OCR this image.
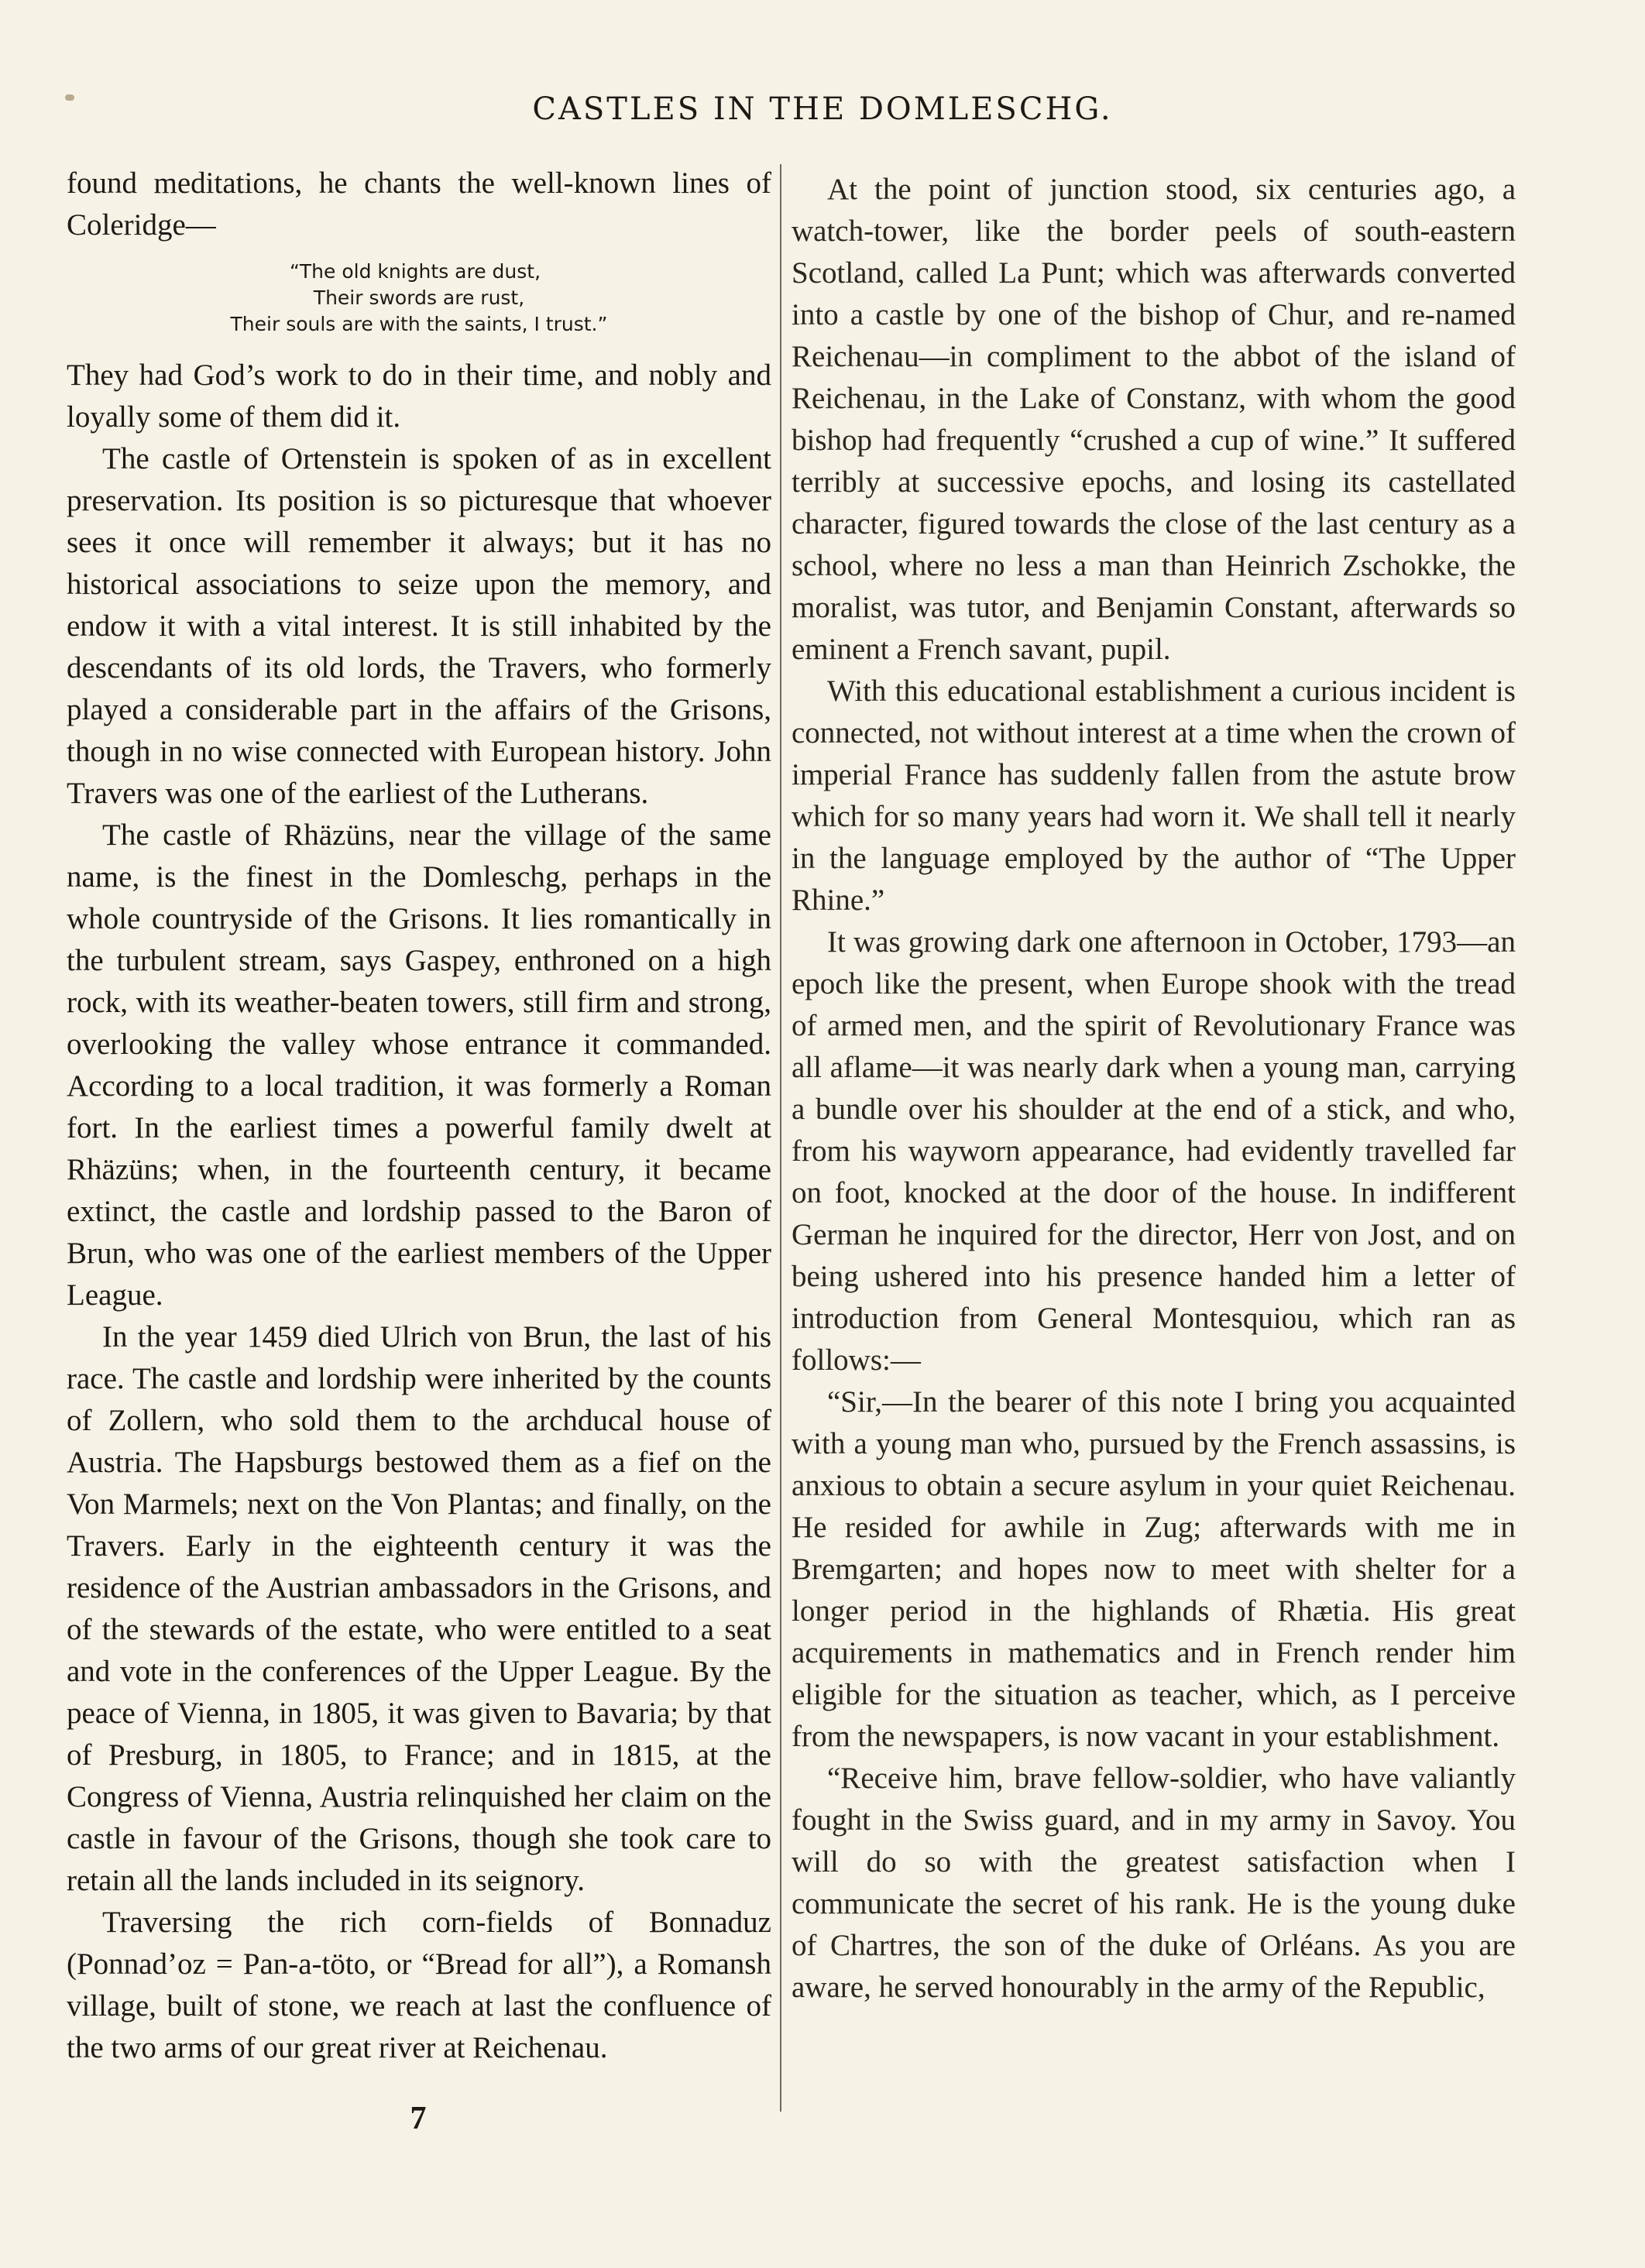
CASTLES IN THE DOMLESCHG.

found meditations, he chants the well-known lines of Coleridge—

“The old knights are dust,
Their swords are rust,
Their souls are with the saints, I trust.”

They had God’s work to do in their time, and nobly and loyally some of them did it.

The castle of Ortenstein is spoken of as in excellent preservation. Its position is so picturesque that whoever sees it once will remember it always; but it has no historical associations to seize upon the memory, and endow it with a vital interest. It is still inhabited by the descendants of its old lords, the Travers, who formerly played a considerable part in the affairs of the Grisons, though in no wise connected with European history. John Travers was one of the earliest of the Lutherans.

The castle of Rhäzüns, near the village of the same name, is the finest in the Domleschg, perhaps in the whole countryside of the Grisons. It lies romantically in the turbulent stream, says Gaspey, enthroned on a high rock, with its weather-beaten towers, still firm and strong, overlooking the valley whose entrance it commanded. According to a local tradition, it was formerly a Roman fort. In the earliest times a powerful family dwelt at Rhäzüns; when, in the fourteenth century, it became extinct, the castle and lordship passed to the Baron of Brun, who was one of the earliest members of the Upper League.

In the year 1459 died Ulrich von Brun, the last of his race. The castle and lordship were inherited by the counts of Zollern, who sold them to the archducal house of Austria. The Hapsburgs bestowed them as a fief on the Von Marmels; next on the Von Plantas; and finally, on the Travers. Early in the eighteenth century it was the residence of the Austrian ambassadors in the Grisons, and of the stewards of the estate, who were entitled to a seat and vote in the conferences of the Upper League. By the peace of Vienna, in 1805, it was given to Bavaria; by that of Presburg, in 1805, to France; and in 1815, at the Congress of Vienna, Austria relinquished her claim on the castle in favour of the Grisons, though she took care to retain all the lands included in its seignory.

Traversing the rich corn-fields of Bonnaduz (Ponnad’oz = Pan-a-töto, or “Bread for all”), a Romansh village, built of stone, we reach at last the confluence of the two arms of our great river at Reichenau.

At the point of junction stood, six centuries ago, a watch-tower, like the border peels of south-eastern Scotland, called La Punt; which was afterwards converted into a castle by one of the bishop of Chur, and re-named Reichenau—in compliment to the abbot of the island of Reichenau, in the Lake of Constanz, with whom the good bishop had frequently “crushed a cup of wine.” It suffered terribly at successive epochs, and losing its castellated character, figured towards the close of the last century as a school, where no less a man than Heinrich Zschokke, the moralist, was tutor, and Benjamin Constant, afterwards so eminent a French savant, pupil.

With this educational establishment a curious incident is connected, not without interest at a time when the crown of imperial France has suddenly fallen from the astute brow which for so many years had worn it. We shall tell it nearly in the language employed by the author of “The Upper Rhine.”

It was growing dark one afternoon in October, 1793—an epoch like the present, when Europe shook with the tread of armed men, and the spirit of Revolutionary France was all aflame—it was nearly dark when a young man, carrying a bundle over his shoulder at the end of a stick, and who, from his wayworn appearance, had evidently travelled far on foot, knocked at the door of the house. In indifferent German he inquired for the director, Herr von Jost, and on being ushered into his presence handed him a letter of introduction from General Montesquiou, which ran as follows:—

“Sir,—In the bearer of this note I bring you acquainted with a young man who, pursued by the French assassins, is anxious to obtain a secure asylum in your quiet Reichenau. He resided for awhile in Zug; afterwards with me in Bremgarten; and hopes now to meet with shelter for a longer period in the highlands of Rhætia. His great acquirements in mathematics and in French render him eligible for the situation as teacher, which, as I perceive from the newspapers, is now vacant in your establishment.

“Receive him, brave fellow-soldier, who have valiantly fought in the Swiss guard, and in my army in Savoy. You will do so with the greatest satisfaction when I communicate the secret of his rank. He is the young duke of Chartres, the son of the duke of Orléans. As you are aware, he served honourably in the army of the Republic,

7
